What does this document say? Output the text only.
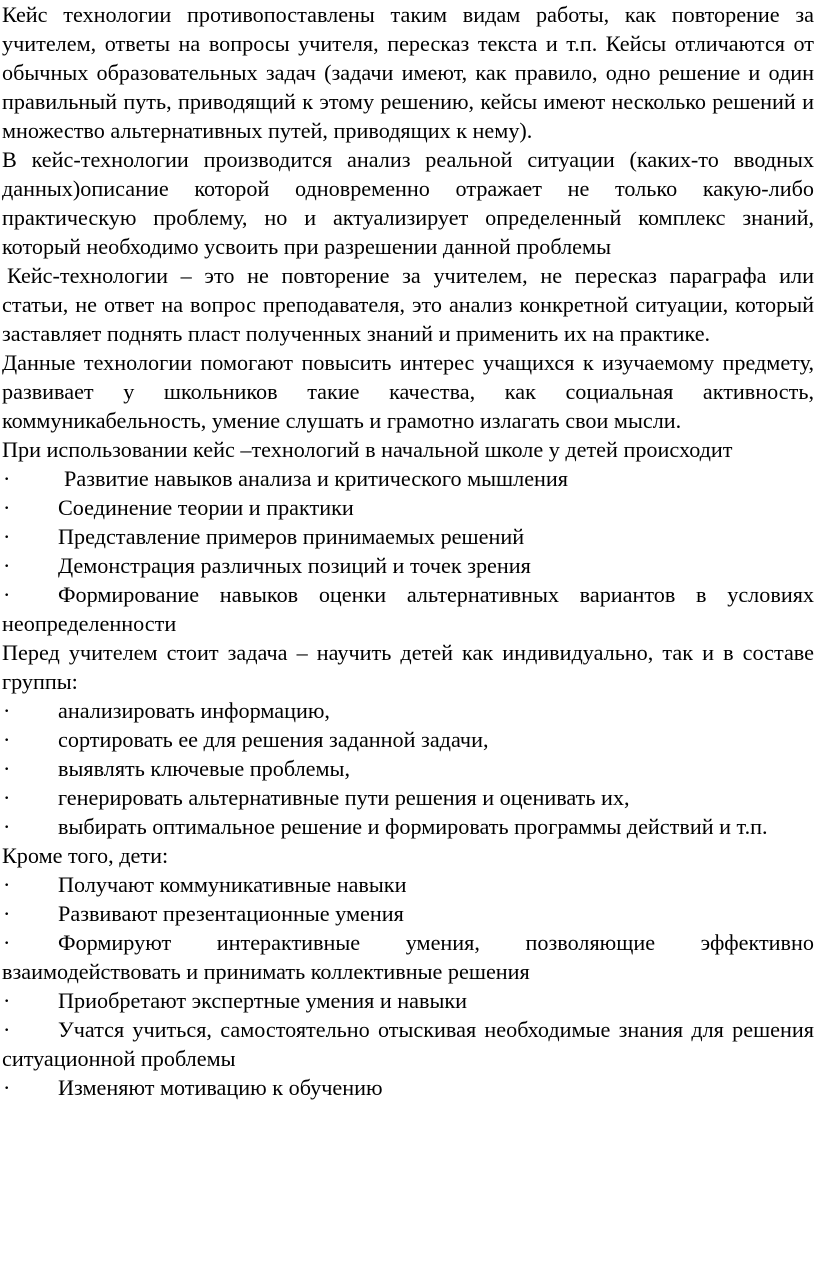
Кейс технологии противопоставлены таким видам работы, как повторение за учителем, ответы на вопросы учителя, пересказ текста и т.п. Кейсы отличаются от обычных образовательных задач (задачи имеют, как правило, одно решение и один правильный путь, приводящий к этому решению, кейсы имеют несколько решений и множество альтернативных путей, приводящих к нему).

В кейс-технологии производится анализ реальной ситуации (каких-то вводных данных)описание которой одновременно отражает не только какую-либо практическую проблему, но и актуализирует определенный комплекс знаний, который необходимо усвоить при разрешении данной проблемы

Кейс-технологии – это не повторение за учителем, не пересказ параграфа или статьи, не ответ на вопрос преподавателя, это анализ конкретной ситуации, который заставляет поднять пласт полученных знаний и применить их на практике.

Данные технологии помогают повысить интерес учащихся к изучаемому предмету, развивает у школьников такие качества, как социальная активность, коммуникабельность, умение слушать и грамотно излагать свои мысли.

При использовании кейс –технологий в начальной школе у детей происходит

· Развитие навыков анализа и критического мышления
· Соединение теории и практики
· Представление примеров принимаемых решений
· Демонстрация различных позиций и точек зрения
· Формирование навыков оценки альтернативных вариантов в условиях неопределенности

Перед учителем стоит задача – научить детей как индивидуально, так и в составе группы:

· анализировать информацию,
· сортировать ее для решения заданной задачи,
· выявлять ключевые проблемы,
· генерировать альтернативные пути решения и оценивать их,
· выбирать оптимальное решение и формировать программы действий и т.п.

Кроме того, дети:

· Получают коммуникативные навыки
· Развивают презентационные умения
· Формируют интерактивные умения, позволяющие эффективно взаимодействовать и принимать коллективные решения
· Приобретают экспертные умения и навыки
· Учатся учиться, самостоятельно отыскивая необходимые знания для решения ситуационной проблемы
· Изменяют мотивацию к обучению
